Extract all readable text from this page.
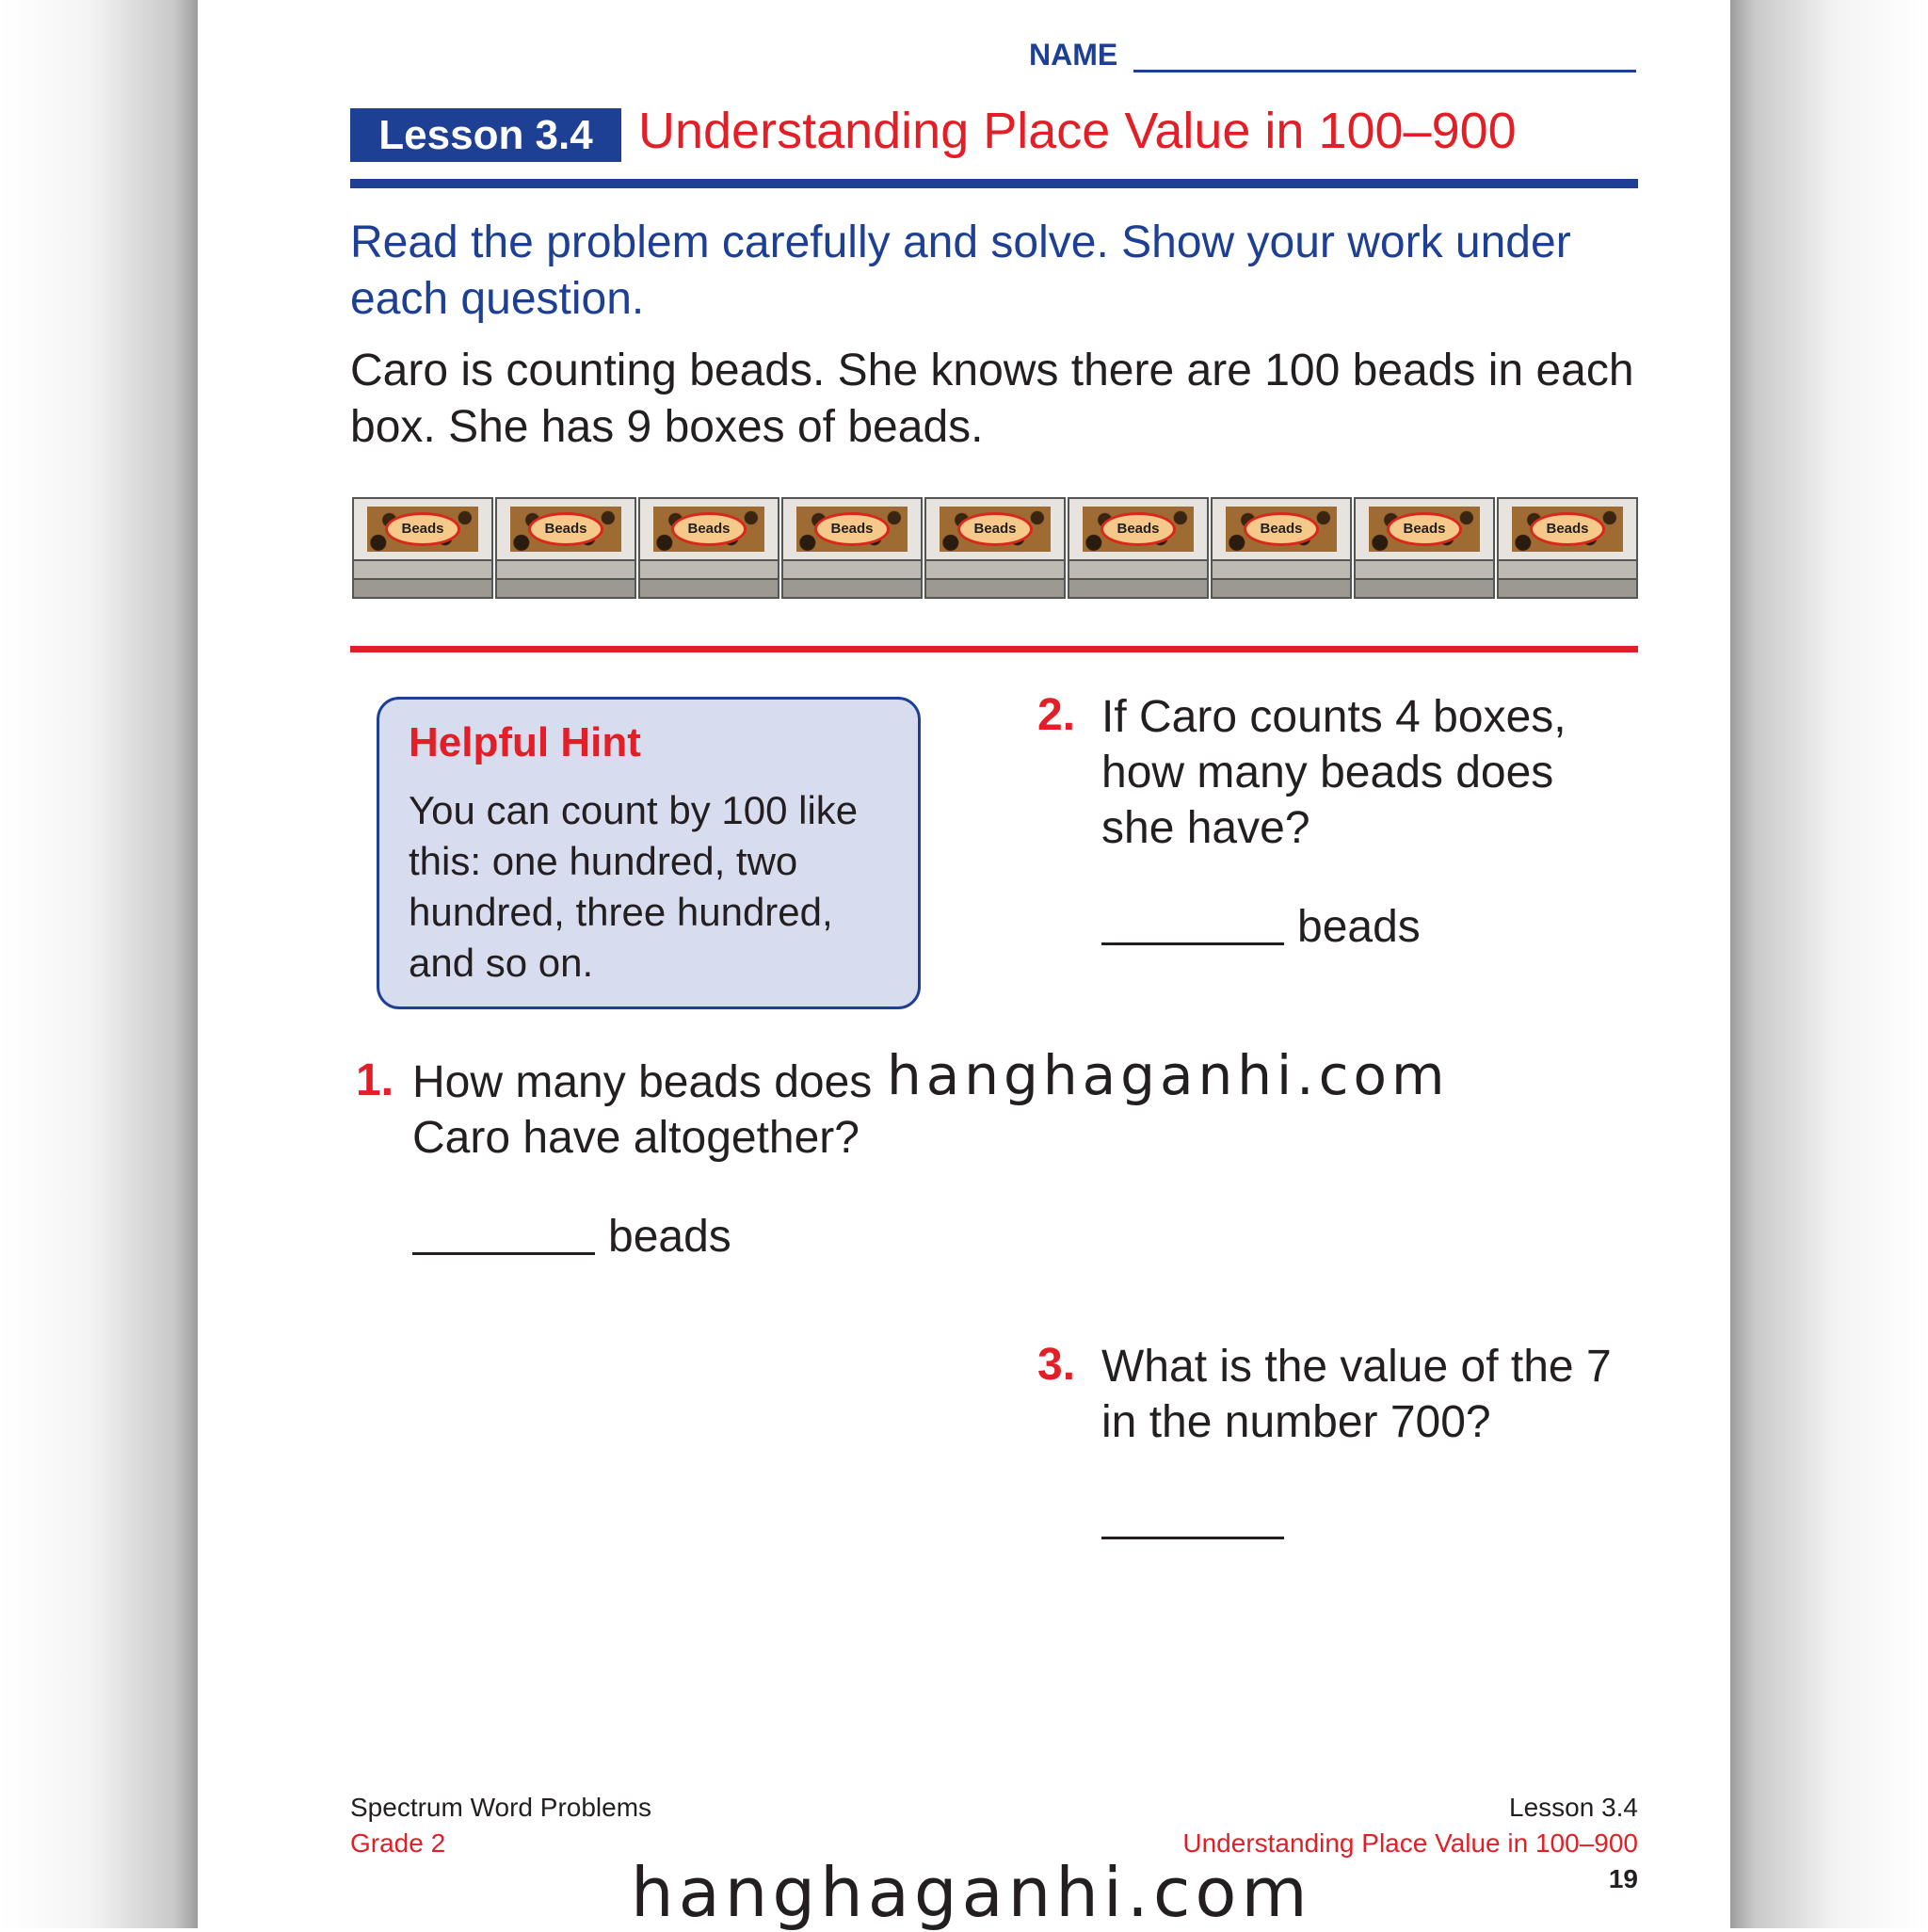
NAME
Lesson 3.4 Understanding Place Value in 100–900
Read the problem carefully and solve. Show your work under each question.
Caro is counting beads. She knows there are 100 beads in each box. She has 9 boxes of beads.
Beads	Beads	Beads	Beads	Beads	Beads	Beads	Beads	Beads
Helpful Hint
You can count by 100 like this: one hundred, two hundred, three hundred, and so on.
1. How many beads does Caro have altogether?
beads
2. If Caro counts 4 boxes, how many beads does she have?
beads
3. What is the value of the 7 in the number 700?
Spectrum Word Problems
Grade 2
Lesson 3.4
Understanding Place Value in 100–900
19
hanghaganhi.com
hanghaganhi.com
